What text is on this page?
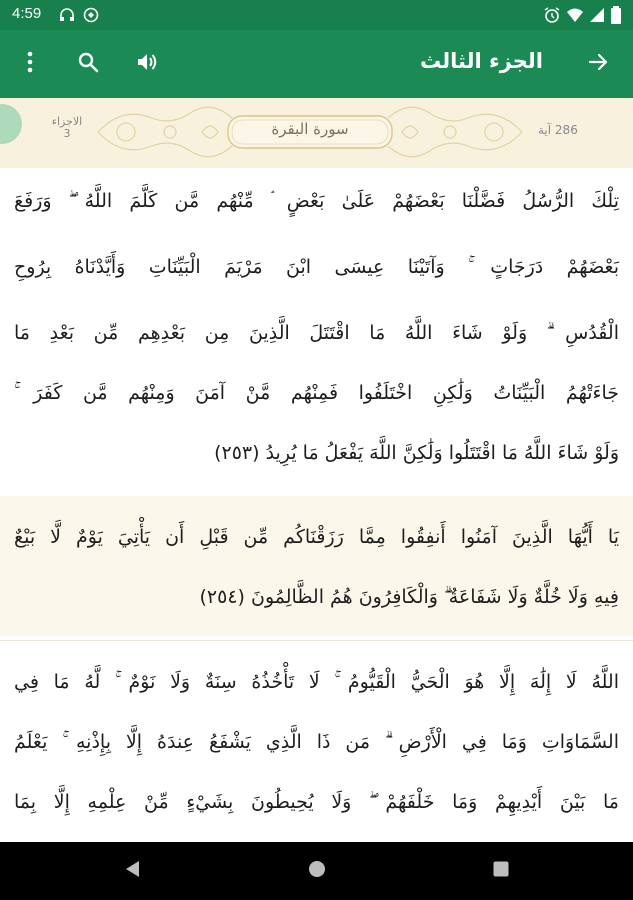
4:59
الجزء الثالث
الاجزاء
3	سورة البقرة	286 آية
تِلْكَ الرُّسُلُ فَضَّلْنَا بَعْضَهُمْ عَلَىٰ بَعْضٍ ۘ مِّنْهُم مَّن كَلَّمَ اللَّهُ ۖ وَرَفَعَ
بَعْضَهُمْ دَرَجَاتٍ ۚ وَآتَيْنَا عِيسَى ابْنَ مَرْيَمَ الْبَيِّنَاتِ وَأَيَّدْنَاهُ بِرُوحِ
الْقُدُسِ ۗ وَلَوْ شَاءَ اللَّهُ مَا اقْتَتَلَ الَّذِينَ مِن بَعْدِهِم مِّن بَعْدِ مَا
جَاءَتْهُمُ الْبَيِّنَاتُ وَلَٰكِنِ اخْتَلَفُوا فَمِنْهُم مَّنْ آمَنَ وَمِنْهُم مَّن كَفَرَ ۚ
وَلَوْ شَاءَ اللَّهُ مَا اقْتَتَلُوا وَلَٰكِنَّ اللَّهَ يَفْعَلُ مَا يُرِيدُ (٢٥٣)
يَا أَيُّهَا الَّذِينَ آمَنُوا أَنفِقُوا مِمَّا رَزَقْنَاكُم مِّن قَبْلِ أَن يَأْتِيَ يَوْمٌ لَّا بَيْعٌ
فِيهِ وَلَا خُلَّةٌ وَلَا شَفَاعَةٌ ۗ وَالْكَافِرُونَ هُمُ الظَّالِمُونَ (٢٥٤)
اللَّهُ لَا إِلَٰهَ إِلَّا هُوَ الْحَيُّ الْقَيُّومُ ۚ لَا تَأْخُذُهُ سِنَةٌ وَلَا نَوْمٌ ۚ لَّهُ مَا فِي
السَّمَاوَاتِ وَمَا فِي الْأَرْضِ ۗ مَن ذَا الَّذِي يَشْفَعُ عِندَهُ إِلَّا بِإِذْنِهِ ۚ يَعْلَمُ
مَا بَيْنَ أَيْدِيهِمْ وَمَا خَلْفَهُمْ ۖ وَلَا يُحِيطُونَ بِشَيْءٍ مِّنْ عِلْمِهِ إِلَّا بِمَا
